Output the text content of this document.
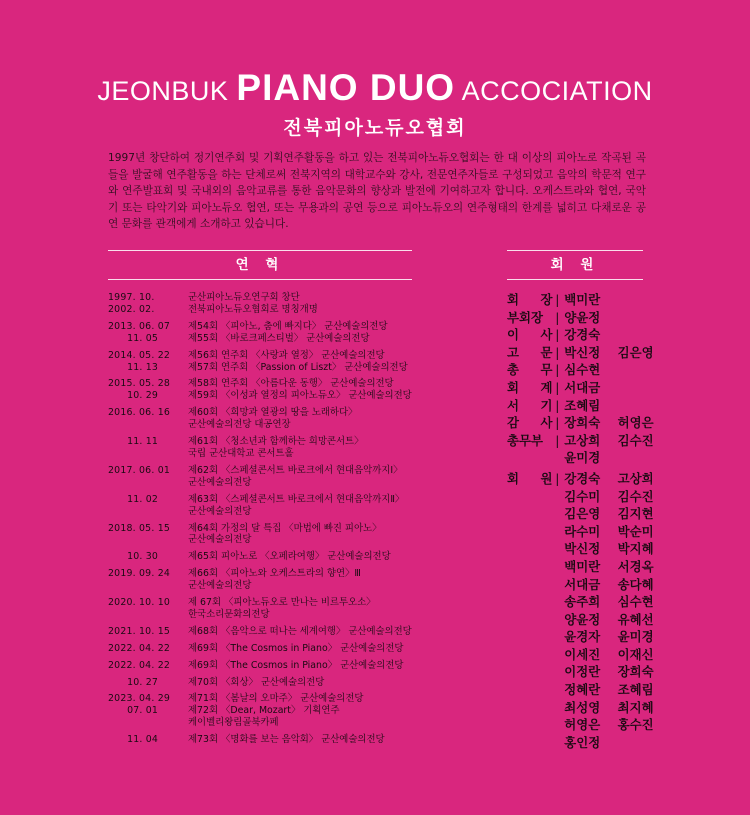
JEONBUK PIANO DUO ACCOCIATION
전북피아노듀오협회
1997년 창단하여 정기연주회 및 기획연주활동을 하고 있는 전북피아노듀오협회는 한 대 이상의 피아노로 작곡된 곡들을 발굴해 연주활동을 하는 단체로써 전북지역의 대학교수와 강사, 전문연주자들로 구성되었고 음악의 학문적 연구와 연주발표회 및 국내외의 음악교류를 통한 음악문화의 향상과 발전에 기여하고자 합니다. 오케스트라와 협연, 국악기 또는 타악기와 피아노듀오 협연, 또는 무용과의 공연 등으로 피아노듀오의 연주형태의 한계를 넓히고 다채로운 공연 문화를 관객에게 소개하고 있습니다.
연 혁	회 원
1997. 10.	군산피아노듀오연구회 창단
2002. 02.	전북피아노듀오협회로 명칭개명
2013. 06. 07	제54회 〈피아노, 춤에 빠지다〉 군산예술의전당
11. 05	제55회 〈바로크페스티벌〉 군산예술의전당
2014. 05. 22	제56회 연주회 〈사랑과 열정〉 군산예술의전당
11. 13	제57회 연주회 〈Passion of Liszt〉 군산예술의전당
2015. 05. 28	제58회 연주회 〈아름다운 동행〉 군산예술의전당
10. 29	제59회 〈이성과 열정의 피아노듀오〉 군산예술의전당
2016. 06. 16	제60회 〈희망과 열광의 땅을 노래하다〉
군산예술의전당 대공연장
11. 11	제61회 〈청소년과 함께하는 희망콘서트〉
국립 군산대학교 콘서트홀
2017. 06. 01	제62회 〈스페셜콘서트 바로크에서 현대음악까지Ⅰ〉
군산예술의전당
11. 02	제63회 〈스페셜콘서트 바로크에서 현대음악까지Ⅱ〉
군산예술의전당
2018. 05. 15	제64회 가정의 달 특집 〈마법에 빠진 피아노〉
군산예술의전당
10. 30	제65회 피아노로 〈오페라여행〉 군산예술의전당
2019. 09. 24	제66회 〈피아노와 오케스트라의 향연〉Ⅲ
군산예술의전당
2020. 10. 10	제 67회 〈피아노듀오로 만나는 비르투오소〉
한국소리문화의전당
2021. 10. 15	제68회 〈음악으로 떠나는 세계여행〉 군산예술의전당
2022. 04. 22	제69회 〈The Cosmos in Piano〉 군산예술의전당
2022. 04. 22	제69회 〈The Cosmos in Piano〉 군산예술의전당
10. 27	제70회 〈회상〉 군산예술의전당
2023. 04. 29	제71회 〈봄날의 오마주〉 군산예술의전당
07. 01	제72회 〈Dear, Mozart〉 기획연주
케이벨리왕림골북카페
11. 04	제73회 〈명화를 보는 음악회〉 군산예술의전당
회 장 | 백미란
부회장 | 양윤정
이 사 | 강경숙
고 문 | 박신정	김은영
총 무 | 심수현
회 계 | 서대금
서 기 | 조혜림
감 사 | 장희숙	허영은
총무부 | 고상희	김수진
윤미경
회 원 | 강경숙	고상희
김수미	김수진
김은영	김지현
라수미	박순미
박신정	박지혜
백미란	서경옥
서대금	송다혜
송주희	심수현
양윤정	유혜선
윤경자	윤미경
이세진	이재신
이정란	장희숙
정혜란	조혜림
최성영	최지혜
허영은	홍수진
홍인정
